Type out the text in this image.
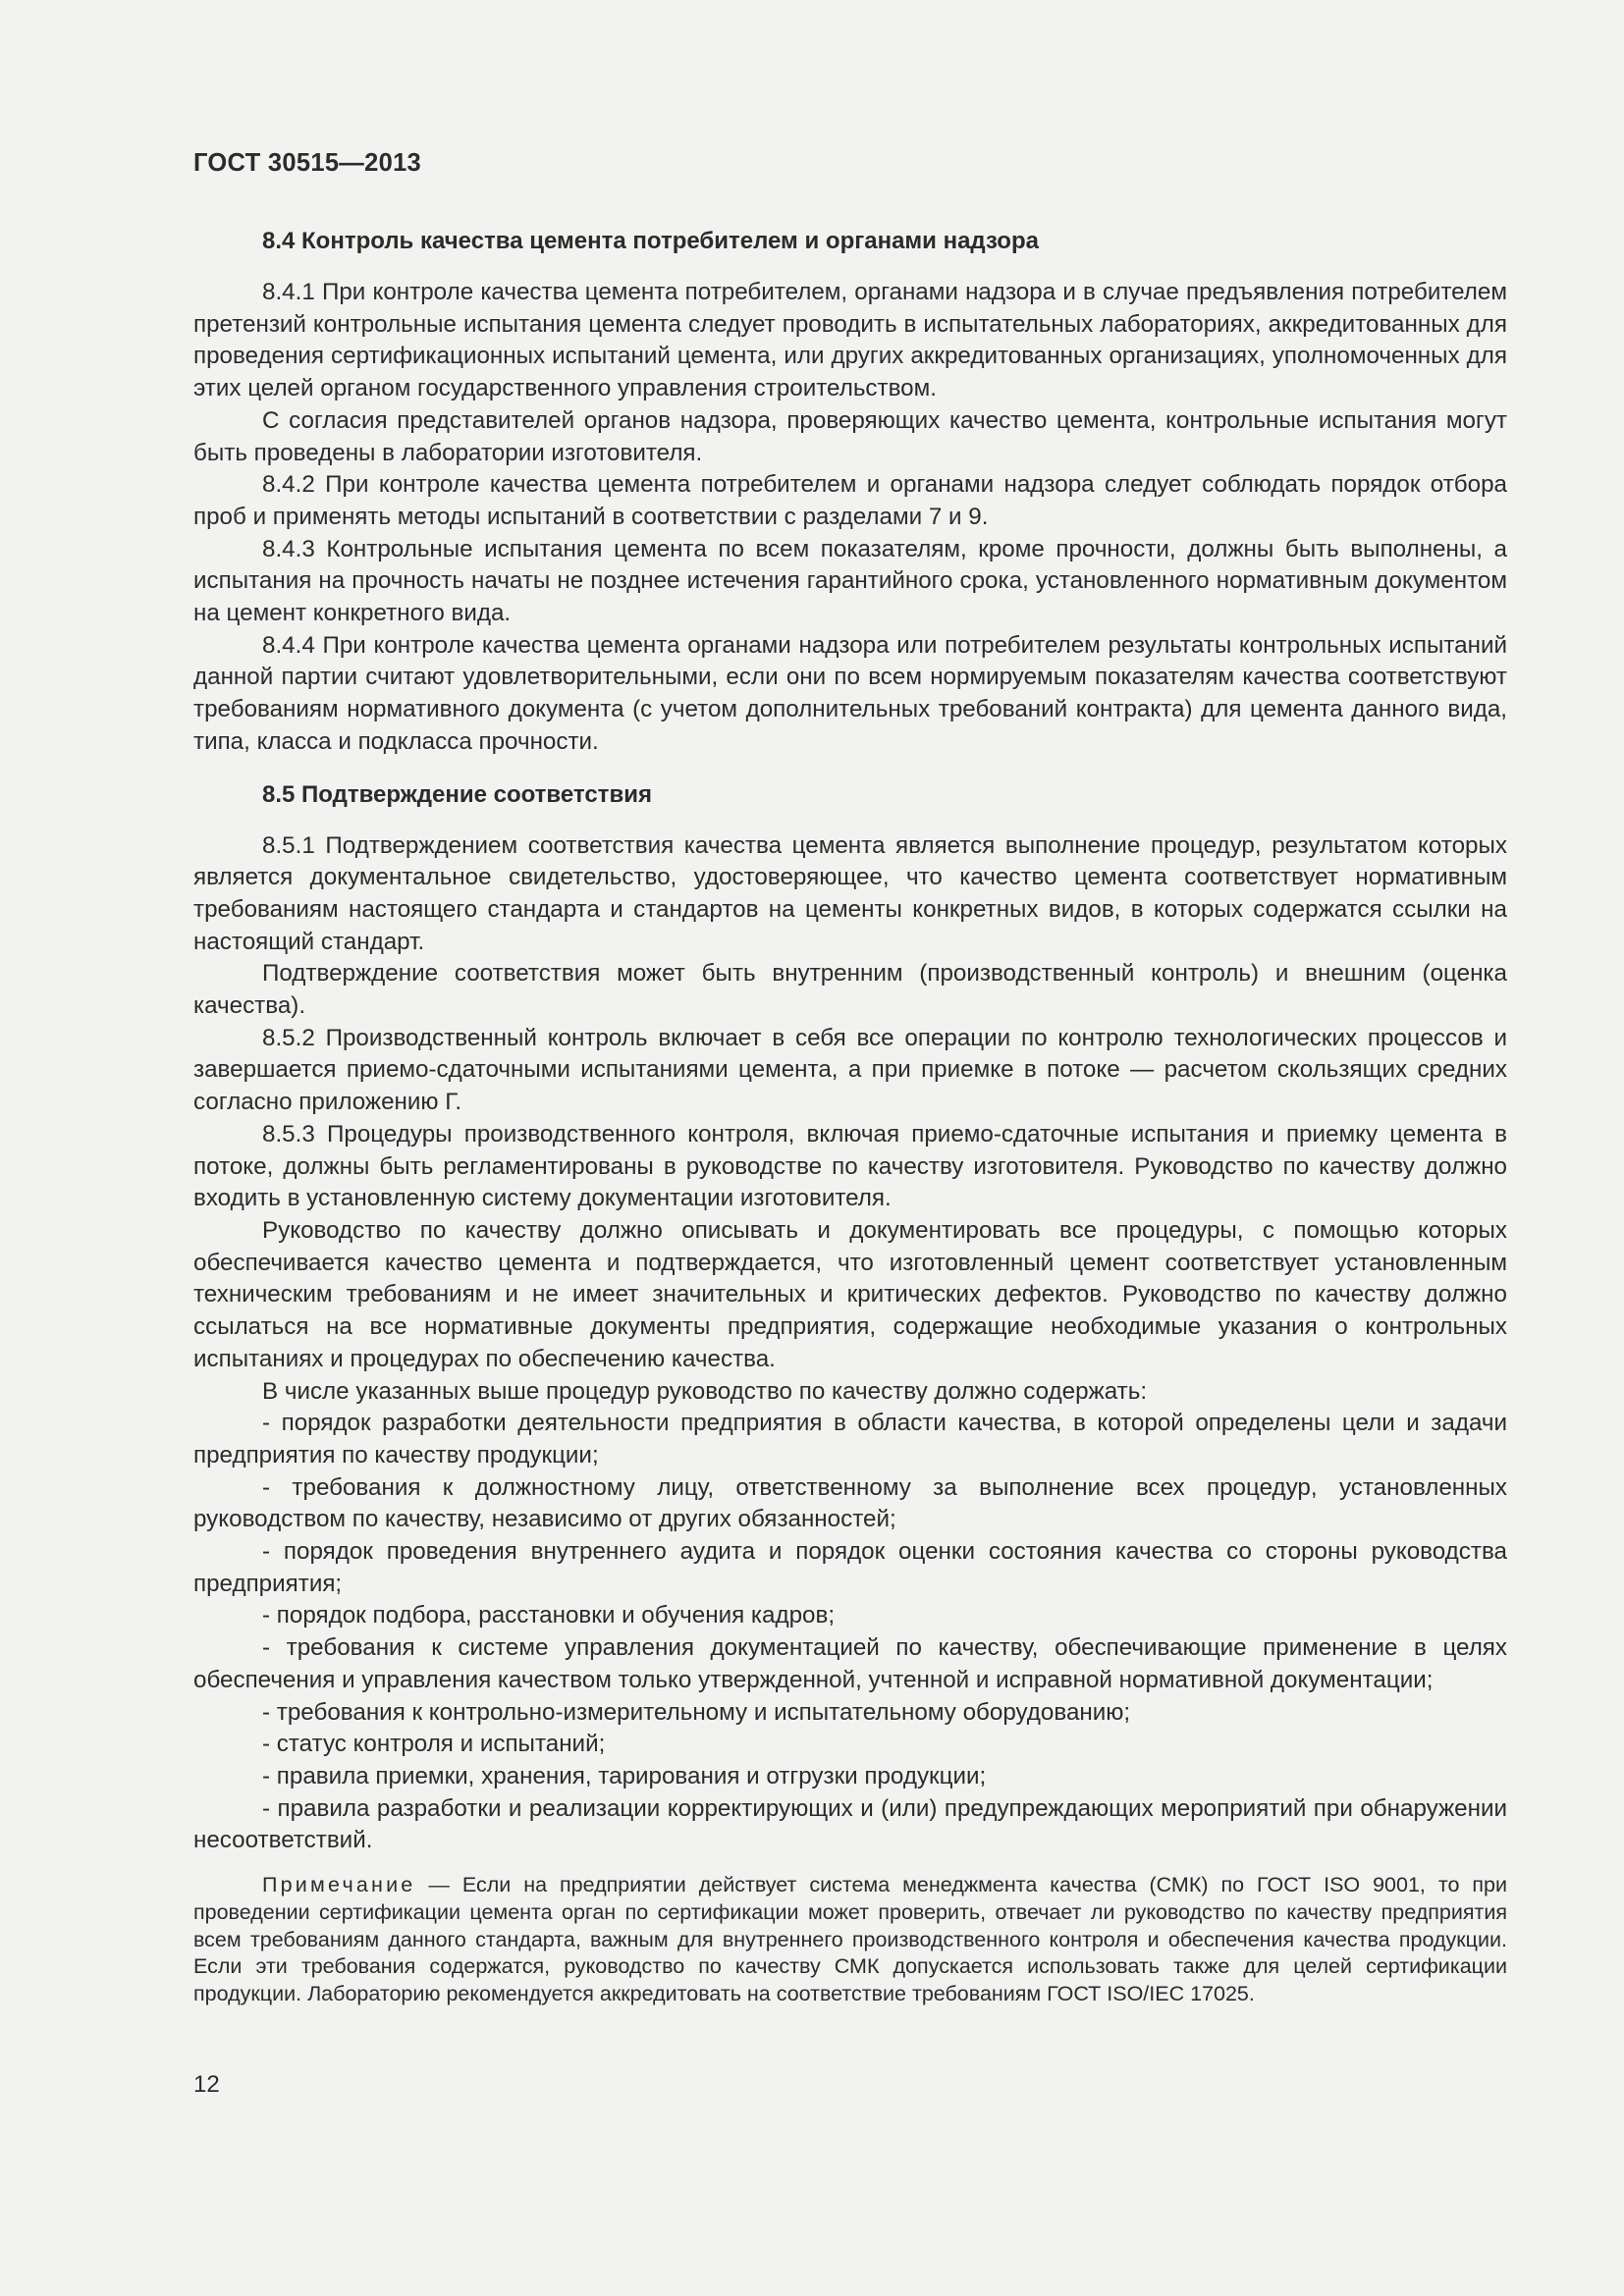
ГОСТ 30515—2013
8.4 Контроль качества цемента потребителем и органами надзора

8.4.1 При контроле качества цемента потребителем, органами надзора и в случае предъявления потребителем претензий контрольные испытания цемента следует проводить в испытательных лабораториях, аккредитованных для проведения сертификационных испытаний цемента, или других аккредитованных организациях, уполномоченных для этих целей органом государственного управления строительством.

С согласия представителей органов надзора, проверяющих качество цемента, контрольные испытания могут быть проведены в лаборатории изготовителя.

8.4.2 При контроле качества цемента потребителем и органами надзора следует соблюдать порядок отбора проб и применять методы испытаний в соответствии с разделами 7 и 9.

8.4.3 Контрольные испытания цемента по всем показателям, кроме прочности, должны быть выполнены, а испытания на прочность начаты не позднее истечения гарантийного срока, установленного нормативным документом на цемент конкретного вида.

8.4.4 При контроле качества цемента органами надзора или потребителем результаты контрольных испытаний данной партии считают удовлетворительными, если они по всем нормируемым показателям качества соответствуют требованиям нормативного документа (с учетом дополнительных требований контракта) для цемента данного вида, типа, класса и подкласса прочности.

8.5 Подтверждение соответствия

8.5.1 Подтверждением соответствия качества цемента является выполнение процедур, результатом которых является документальное свидетельство, удостоверяющее, что качество цемента соответствует нормативным требованиям настоящего стандарта и стандартов на цементы конкретных видов, в которых содержатся ссылки на настоящий стандарт.

Подтверждение соответствия может быть внутренним (производственный контроль) и внешним (оценка качества).

8.5.2 Производственный контроль включает в себя все операции по контролю технологических процессов и завершается приемо-сдаточными испытаниями цемента, а при приемке в потоке — расчетом скользящих средних согласно приложению Г.

8.5.3 Процедуры производственного контроля, включая приемо-сдаточные испытания и приемку цемента в потоке, должны быть регламентированы в руководстве по качеству изготовителя. Руководство по качеству должно входить в установленную систему документации изготовителя.

Руководство по качеству должно описывать и документировать все процедуры, с помощью которых обеспечивается качество цемента и подтверждается, что изготовленный цемент соответствует установленным техническим требованиям и не имеет значительных и критических дефектов. Руководство по качеству должно ссылаться на все нормативные документы предприятия, содержащие необходимые указания о контрольных испытаниях и процедурах по обеспечению качества.

В числе указанных выше процедур руководство по качеству должно содержать:

- порядок разработки деятельности предприятия в области качества, в которой определены цели и задачи предприятия по качеству продукции;

- требования к должностному лицу, ответственному за выполнение всех процедур, установленных руководством по качеству, независимо от других обязанностей;

- порядок проведения внутреннего аудита и порядок оценки состояния качества со стороны руководства предприятия;

- порядок подбора, расстановки и обучения кадров;

- требования к системе управления документацией по качеству, обеспечивающие применение в целях обеспечения и управления качеством только утвержденной, учтенной и исправной нормативной документации;

- требования к контрольно-измерительному и испытательному оборудованию;

- статус контроля и испытаний;

- правила приемки, хранения, тарирования и отгрузки продукции;

- правила разработки и реализации корректирующих и (или) предупреждающих мероприятий при обнаружении несоответствий.

Примечание — Если на предприятии действует система менеджмента качества (СМК) по ГОСТ ISO 9001, то при проведении сертификации цемента орган по сертификации может проверить, отвечает ли руководство по качеству предприятия всем требованиям данного стандарта, важным для внутреннего производственного контроля и обеспечения качества продукции. Если эти требования содержатся, руководство по качеству СМК допускается использовать также для целей сертификации продукции. Лабораторию рекомендуется аккредитовать на соответствие требованиям ГОСТ ISO/IEC 17025.
12
